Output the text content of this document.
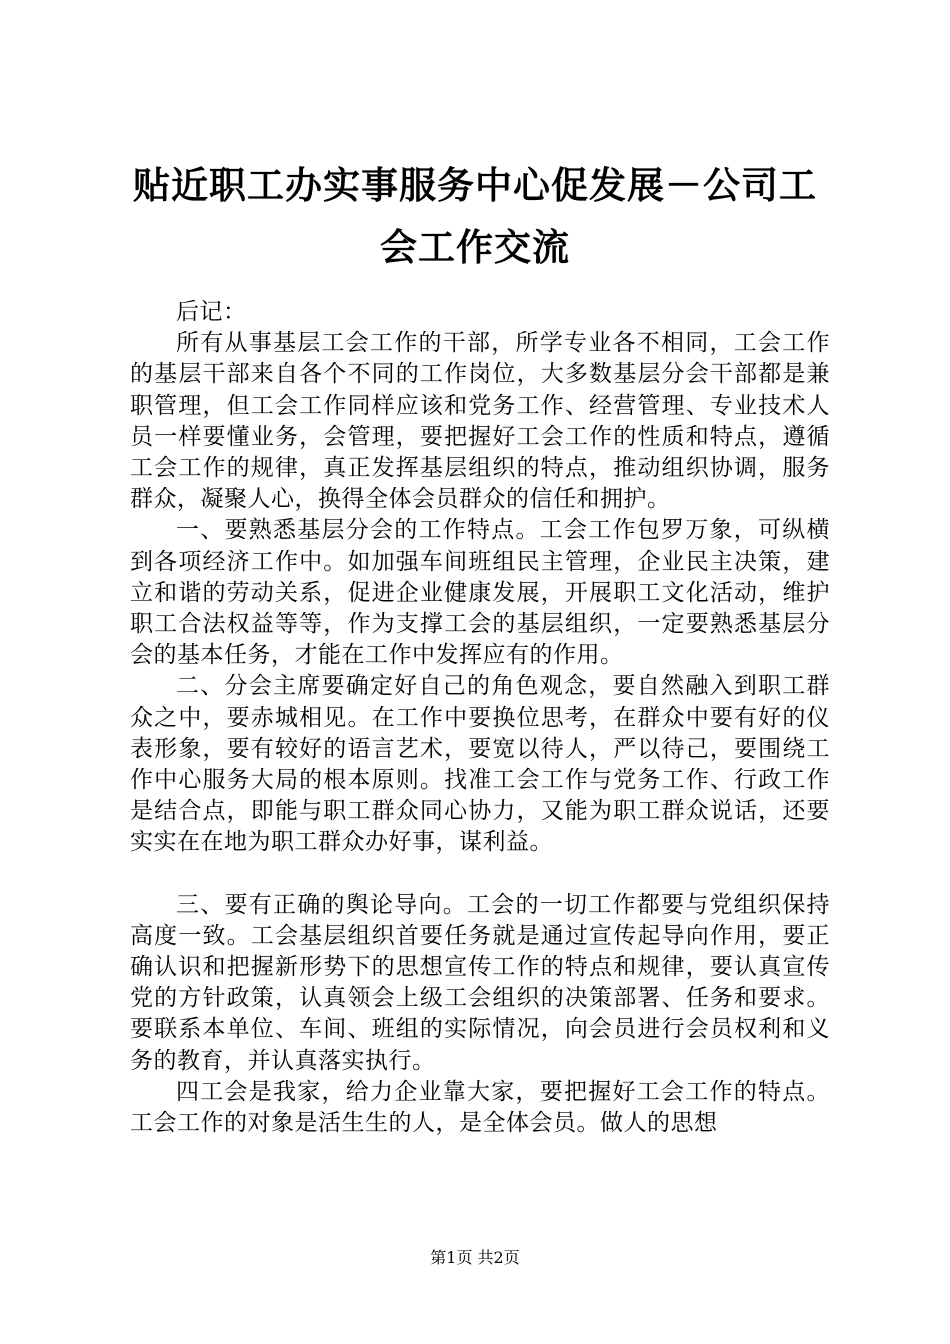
贴近职工办实事服务中心促发展－公司工会工作交流

后记：

所有从事基层工会工作的干部，所学专业各不相同，工会工作的基层干部来自各个不同的工作岗位，大多数基层分会干部都是兼职管理，但工会工作同样应该和党务工作、经营管理、专业技术人员一样要懂业务，会管理，要把握好工会工作的性质和特点，遵循工会工作的规律，真正发挥基层组织的特点，推动组织协调，服务群众，凝聚人心，换得全体会员群众的信任和拥护。

一、要熟悉基层分会的工作特点。工会工作包罗万象，可纵横到各项经济工作中。如加强车间班组民主管理，企业民主决策，建立和谐的劳动关系，促进企业健康发展，开展职工文化活动，维护职工合法权益等等，作为支撑工会的基层组织，一定要熟悉基层分会的基本任务，才能在工作中发挥应有的作用。

二、分会主席要确定好自己的角色观念，要自然融入到职工群众之中，要赤城相见。在工作中要换位思考，在群众中要有好的仪表形象，要有较好的语言艺术，要宽以待人，严以待己，要围绕工作中心服务大局的根本原则。找准工会工作与党务工作、行政工作是结合点，即能与职工群众同心协力，又能为职工群众说话，还要实实在在地为职工群众办好事，谋利益。

三、要有正确的舆论导向。工会的一切工作都要与党组织保持高度一致。工会基层组织首要任务就是通过宣传起导向作用，要正确认识和把握新形势下的思想宣传工作的特点和规律，要认真宣传党的方针政策，认真领会上级工会组织的决策部署、任务和要求。要联系本单位、车间、班组的实际情况，向会员进行会员权利和义务的教育，并认真落实执行。

四工会是我家，给力企业靠大家，要把握好工会工作的特点。工会工作的对象是活生生的人，是全体会员。做人的思想

第1页 共2页
